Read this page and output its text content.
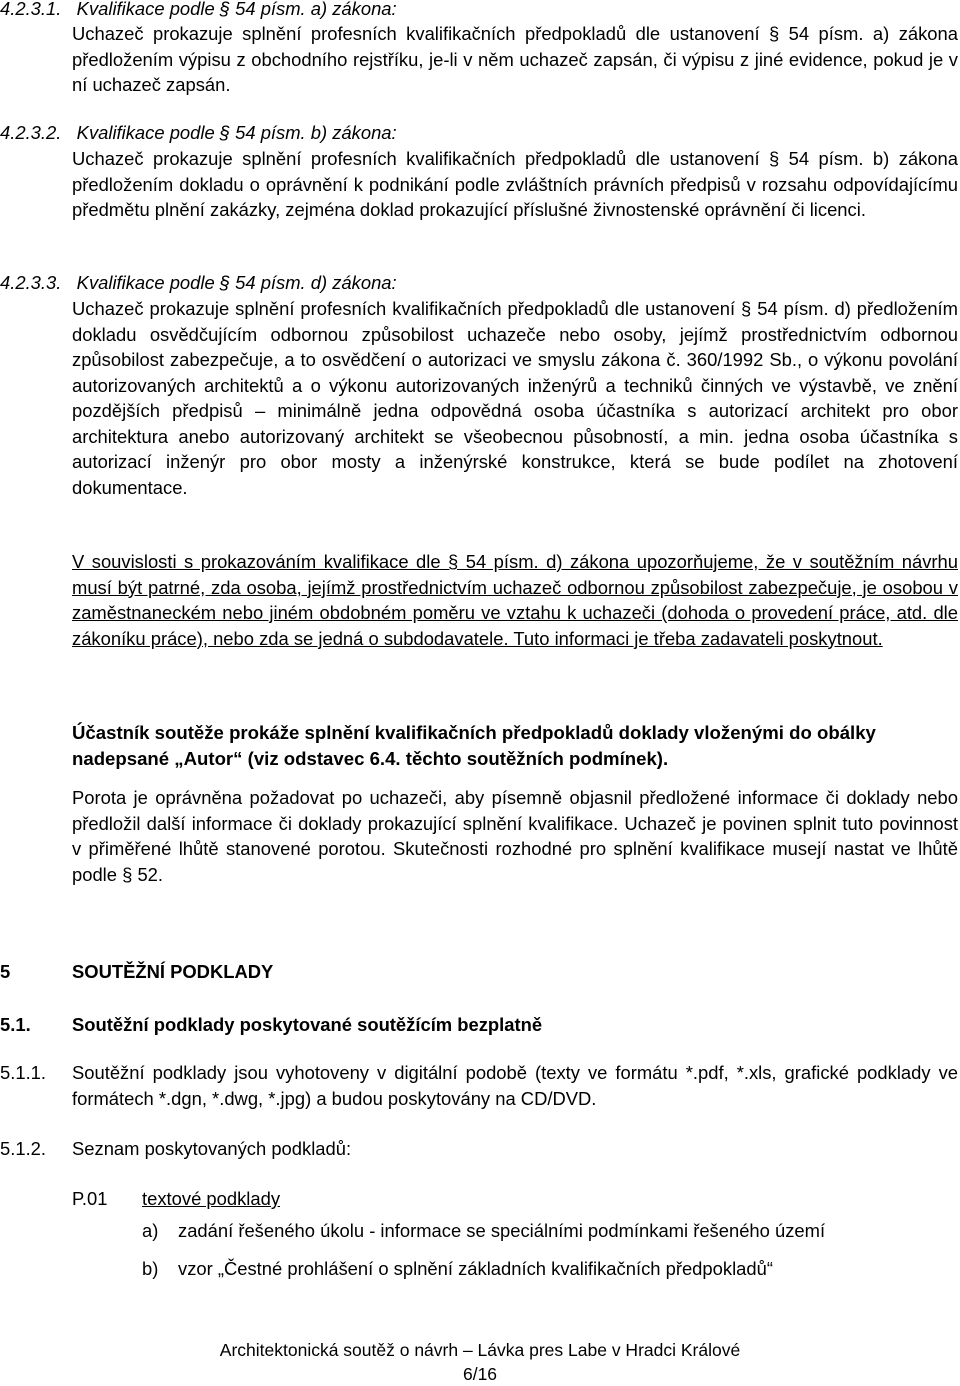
4.2.3.1.   Kvalifikace podle § 54 písm. a) zákona:
Uchazeč prokazuje splnění profesních kvalifikačních předpokladů dle ustanovení § 54 písm. a) zákona předložením výpisu z obchodního rejstříku, je-li v něm uchazeč zapsán, či výpisu z jiné evidence, pokud je v ní uchazeč zapsán.
4.2.3.2.   Kvalifikace podle § 54 písm. b) zákona:
Uchazeč prokazuje splnění profesních kvalifikačních předpokladů dle ustanovení § 54 písm. b) zákona předložením dokladu o oprávnění k podnikání podle zvláštních právních předpisů v rozsahu odpovídajícímu předmětu plnění zakázky, zejména doklad prokazující příslušné živnostenské oprávnění či licenci.
4.2.3.3.   Kvalifikace podle § 54 písm. d) zákona:
Uchazeč prokazuje splnění profesních kvalifikačních předpokladů dle ustanovení § 54 písm. d) předložením dokladu osvědčujícím odbornou způsobilost uchazeče nebo osoby, jejímž prostřednictvím odbornou způsobilost zabezpečuje, a to osvědčení o autorizaci ve smyslu zákona č. 360/1992 Sb., o výkonu povolání autorizovaných architektů a o výkonu autorizovaných inženýrů a techniků činných ve výstavbě, ve znění pozdějších předpisů – minimálně jedna odpovědná osoba účastníka s autorizací architekt pro obor architektura anebo autorizovaný architekt se všeobecnou působností, a min. jedna osoba účastníka s autorizací inženýr pro obor mosty a inženýrské konstrukce, která se bude podílet na zhotovení dokumentace.
V souvislosti s prokazováním kvalifikace dle § 54 písm. d) zákona upozorňujeme, že v soutěžním návrhu musí být patrné, zda osoba, jejímž prostřednictvím uchazeč odbornou způsobilost zabezpečuje, je osobou v zaměstnaneckém nebo jiném obdobném poměru ve vztahu k uchazeči (dohoda o provedení práce, atd. dle zákoníku práce), nebo zda se jedná o subdodavatele. Tuto informaci je třeba zadavateli poskytnout.
Účastník soutěže prokáže splnění kvalifikačních předpokladů doklady vloženými do obálky nadepsané „Autor“ (viz odstavec 6.4. těchto soutěžních podmínek).
Porota je oprávněna požadovat po uchazeči, aby písemně objasnil předložené informace či doklady nebo předložil další informace či doklady prokazující splnění kvalifikace. Uchazeč je povinen splnit tuto povinnost v přiměřené lhůtě stanovené porotou. Skutečnosti rozhodné pro splnění kvalifikace musejí nastat ve lhůtě podle § 52.
5	SOUTĚŽNÍ PODKLADY
5.1. Soutěžní podklady poskytované soutěžícím bezplatně
5.1.1. Soutěžní podklady jsou vyhotoveny v digitální podobě (texty ve formátu *.pdf, *.xls, grafické podklady ve formátech *.dgn, *.dwg, *.jpg) a budou poskytovány na CD/DVD.
5.1.2. Seznam poskytovaných podkladů:
P.01 textové podklady
a) zadání řešeného úkolu - informace se speciálními podmínkami řešeného území
b) vzor „Čestné prohlášení o splnění základních kvalifikačních předpokladů“
Architektonická soutěž o návrh – Lávka pres Labe v Hradci Králové
6/16
